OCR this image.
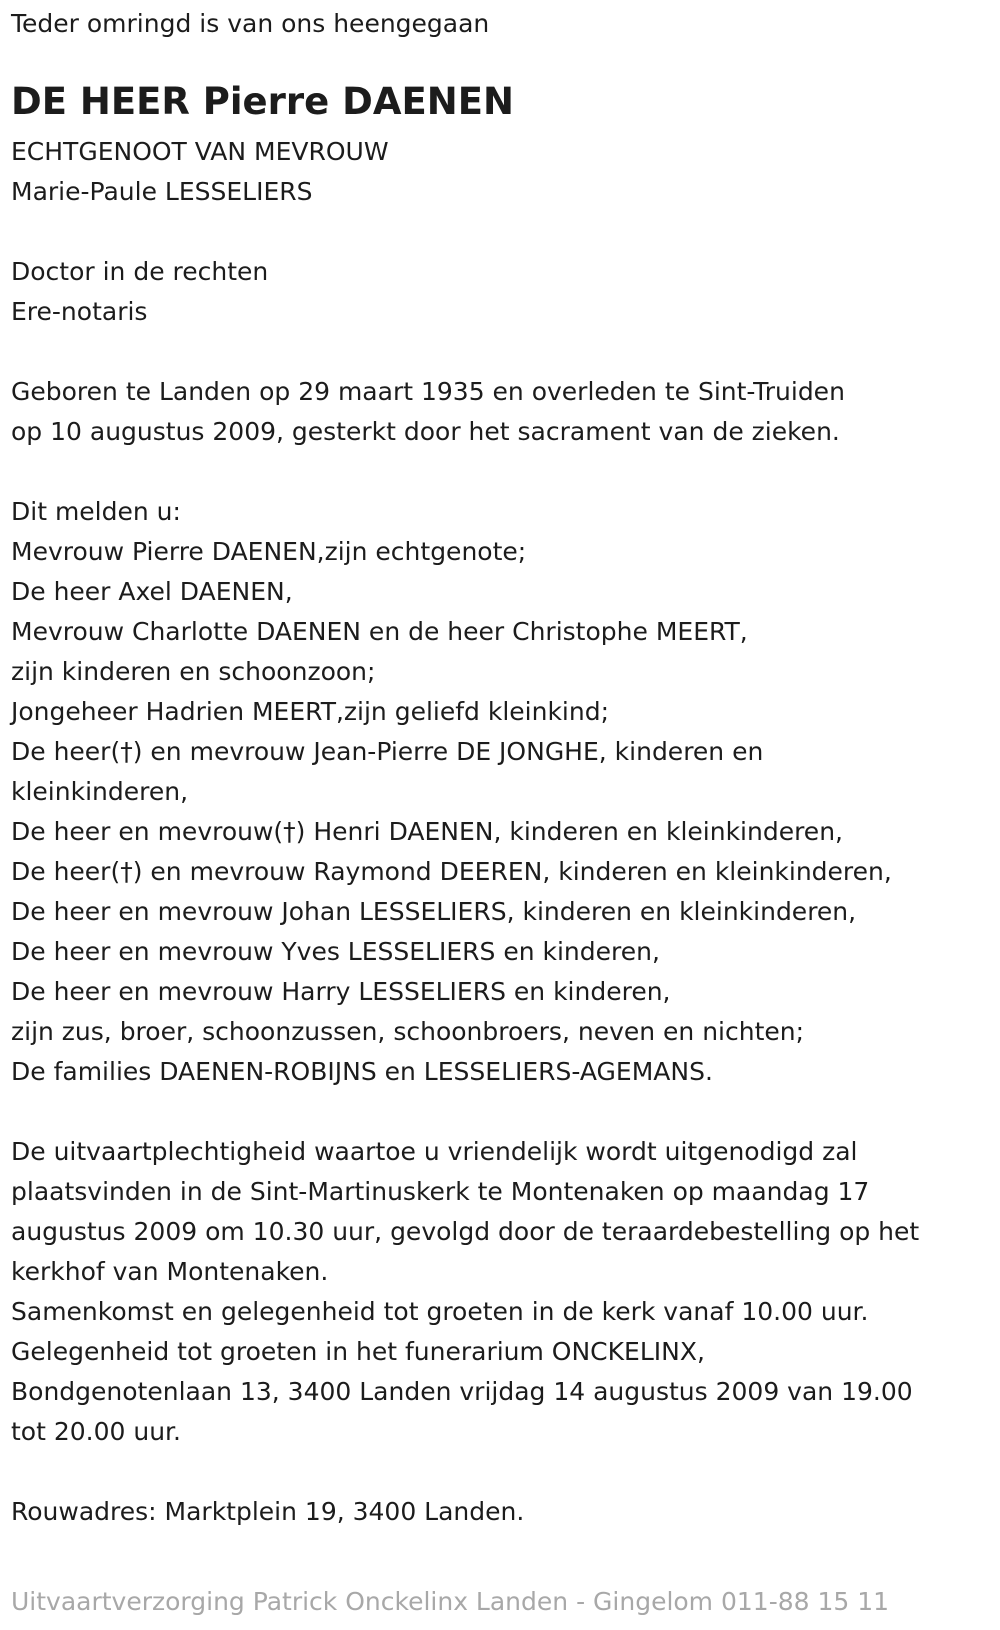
Teder omringd is van ons heengegaan

DE HEER Pierre DAENEN

ECHTGENOOT VAN MEVROUW

Marie-Paule LESSELIERS

Doctor in de rechten

Ere-notaris

Geboren te Landen op 29 maart 1935 en overleden te Sint-Truiden

op 10 augustus 2009, gesterkt door het sacrament van de zieken.

Dit melden u:

Mevrouw Pierre DAENEN,zijn echtgenote;

De heer Axel DAENEN,

Mevrouw Charlotte DAENEN en de heer Christophe MEERT,

zijn kinderen en schoonzoon;

Jongeheer Hadrien MEERT,zijn geliefd kleinkind;

De heer(†) en mevrouw Jean-Pierre DE JONGHE, kinderen en

kleinkinderen,

De heer en mevrouw(†) Henri DAENEN, kinderen en kleinkinderen,

De heer(†) en mevrouw Raymond DEEREN, kinderen en kleinkinderen,

De heer en mevrouw Johan LESSELIERS, kinderen en kleinkinderen,

De heer en mevrouw Yves LESSELIERS en kinderen,

De heer en mevrouw Harry LESSELIERS en kinderen,

zijn zus, broer, schoonzussen, schoonbroers, neven en nichten;

De families DAENEN-ROBIJNS en LESSELIERS-AGEMANS.

De uitvaartplechtigheid waartoe u vriendelijk wordt uitgenodigd zal

plaatsvinden in de Sint-Martinuskerk te Montenaken op maandag 17

augustus 2009 om 10.30 uur, gevolgd door de teraardebestelling op het

kerkhof van Montenaken.

Samenkomst en gelegenheid tot groeten in de kerk vanaf 10.00 uur.

Gelegenheid tot groeten in het funerarium ONCKELINX,

Bondgenotenlaan 13, 3400 Landen vrijdag 14 augustus 2009 van 19.00

tot 20.00 uur.

Rouwadres: Marktplein 19, 3400 Landen.

Uitvaartverzorging Patrick Onckelinx Landen - Gingelom 011-88 15 11
